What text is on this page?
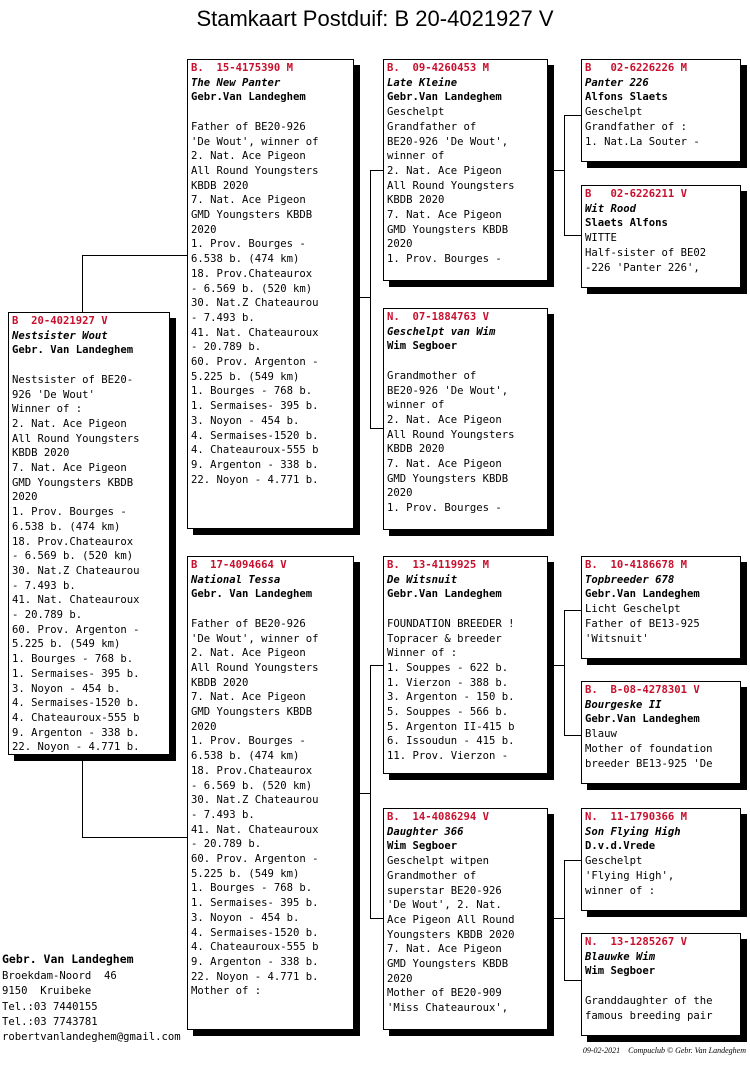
Stamkaart Postduif: B 20-4021927 V
B  20-4021927 V
Nestsister Wout
Gebr. Van Landeghem
Nestsister of BE20-
926 'De Wout'
Winner of :
2. Nat. Ace Pigeon
All Round Youngsters
KBDB 2020
7. Nat. Ace Pigeon
GMD Youngsters KBDB
2020
1. Prov. Bourges -
6.538 b. (474 km)
18. Prov.Chateaurox
- 6.569 b. (520 km)
30. Nat.Z Chateaurou
- 7.493 b.
41. Nat. Chateauroux
- 20.789 b.
60. Prov. Argenton -
5.225 b. (549 km)
1. Bourges - 768 b.
1. Sermaises- 395 b.
3. Noyon - 454 b.
4. Sermaises-1520 b.
4. Chateauroux-555 b
9. Argenton - 338 b.
22. Noyon - 4.771 b.
B.  15-4175390 M
The New Panter
Gebr.Van Landeghem
Father of BE20-926
'De Wout', winner of
2. Nat. Ace Pigeon
All Round Youngsters
KBDB 2020
7. Nat. Ace Pigeon
GMD Youngsters KBDB
2020
1. Prov. Bourges -
6.538 b. (474 km)
18. Prov.Chateaurox
- 6.569 b. (520 km)
30. Nat.Z Chateaurou
- 7.493 b.
41. Nat. Chateauroux
- 20.789 b.
60. Prov. Argenton -
5.225 b. (549 km)
1. Bourges - 768 b.
1. Sermaises- 395 b.
3. Noyon - 454 b.
4. Sermaises-1520 b.
4. Chateauroux-555 b
9. Argenton - 338 b.
22. Noyon - 4.771 b.
B  17-4094664 V
National Tessa
Gebr. Van Landeghem
Father of BE20-926
'De Wout', winner of
2. Nat. Ace Pigeon
All Round Youngsters
KBDB 2020
7. Nat. Ace Pigeon
GMD Youngsters KBDB
2020
1. Prov. Bourges -
6.538 b. (474 km)
18. Prov.Chateaurox
- 6.569 b. (520 km)
30. Nat.Z Chateaurou
- 7.493 b.
41. Nat. Chateauroux
- 20.789 b.
60. Prov. Argenton -
5.225 b. (549 km)
1. Bourges - 768 b.
1. Sermaises- 395 b.
3. Noyon - 454 b.
4. Sermaises-1520 b.
4. Chateauroux-555 b
9. Argenton - 338 b.
22. Noyon - 4.771 b.
Mother of :
B.  09-4260453 M
Late Kleine
Gebr.Van Landeghem
Geschelpt
Grandfather of
BE20-926 'De Wout',
winner of
2. Nat. Ace Pigeon
All Round Youngsters
KBDB 2020
7. Nat. Ace Pigeon
GMD Youngsters KBDB
2020
1. Prov. Bourges -
N.  07-1884763 V
Geschelpt van Wim
Wim Segboer
Grandmother of
BE20-926 'De Wout',
winner of
2. Nat. Ace Pigeon
All Round Youngsters
KBDB 2020
7. Nat. Ace Pigeon
GMD Youngsters KBDB
2020
1. Prov. Bourges -
B.  13-4119925 M
De Witsnuit
Gebr.Van Landeghem
FOUNDATION BREEDER !
Topracer & breeder
Winner of :
1. Souppes - 622 b.
1. Vierzon - 388 b.
3. Argenton - 150 b.
5. Souppes - 566 b.
5. Argenton II-415 b
6. Issoudun - 415 b.
11. Prov. Vierzon -
B.  14-4086294 V
Daughter 366
Wim Segboer
Geschelpt witpen
Grandmother of
superstar BE20-926
'De Wout', 2. Nat.
Ace Pigeon All Round
Youngsters KBDB 2020
7. Nat. Ace Pigeon
GMD Youngsters KBDB
2020
Mother of BE20-909
'Miss Chateauroux',
B   02-6226226 M
Panter 226
Alfons Slaets
Geschelpt
Grandfather of :
1. Nat.La Souter -
B   02-6226211 V
Wit Rood
Slaets Alfons
WITTE
Half-sister of BE02
-226 'Panter 226',
B.  10-4186678 M
Topbreeder 678
Gebr.Van Landeghem
Licht Geschelpt
Father of BE13-925
'Witsnuit'
B.  B-08-4278301 V
Bourgeske II
Gebr.Van Landeghem
Blauw
Mother of foundation
breeder BE13-925 'De
N.  11-1790366 M
Son Flying High
D.v.d.Vrede
Geschelpt
'Flying High',
winner of :
N.  13-1285267 V
Blauwke Wim
Wim Segboer
Granddaughter of the
famous breeding pair
Gebr. Van Landeghem
Broekdam-Noord  46
9150  Kruibeke
Tel.:03 7440155
Tel.:03 7743781
robertvanlandeghem@gmail.com
09-02-2021    Compuclub © Gebr. Van Landeghem
